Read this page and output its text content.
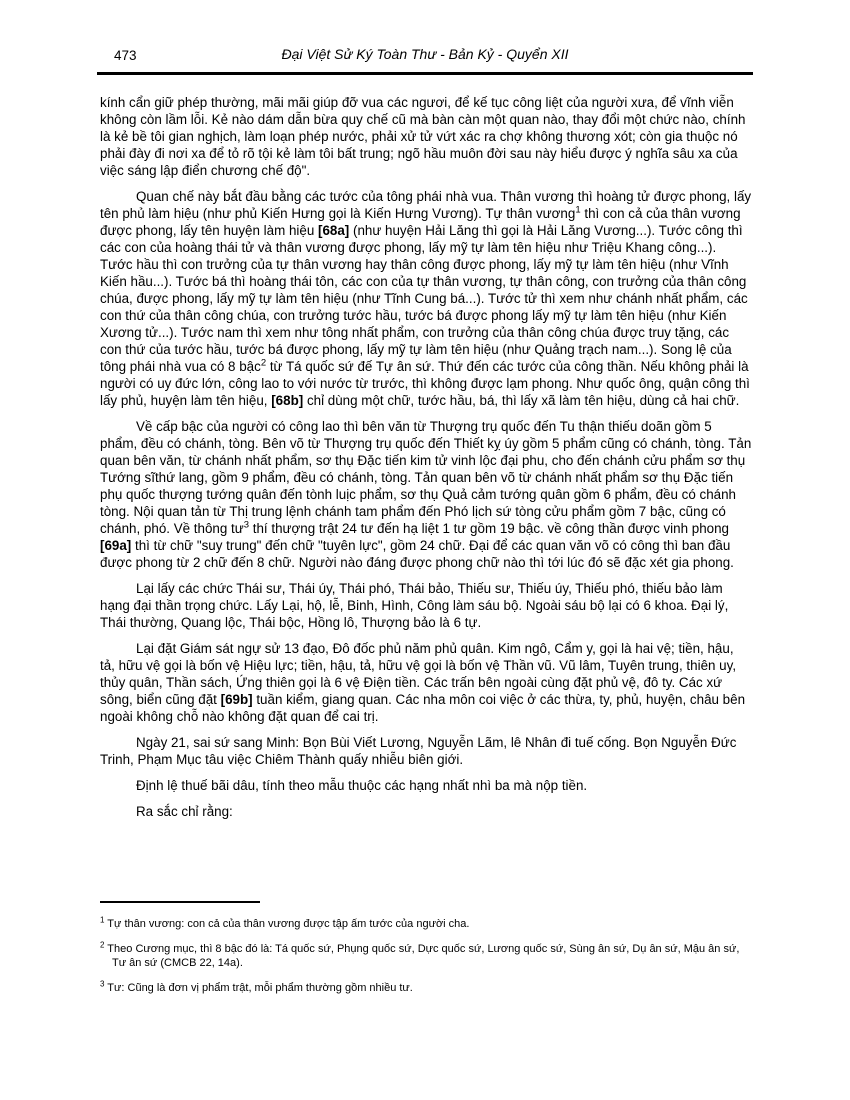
473	Đại Việt Sử Ký Toàn Thư - Bản Kỷ - Quyển XII

kính cẩn giữ phép thường, mãi mãi giúp đỡ vua các ngươi, để kế tục công liệt của người xưa, để vĩnh viễn không còn lầm lỗi. Kẻ nào dám dẫn bừa quy chế cũ mà bàn càn một quan nào, thay đổi một chức nào, chính là kẻ bề tôi gian nghịch, làm loạn phép nước, phải xử tử vứt xác ra chợ không thương xót; còn gia thuộc nó phải đày đi nơi xa để tỏ rõ tội kẻ làm tôi bất trung; ngõ hầu muôn đời sau này hiểu được ý nghĩa sâu xa của việc sáng lập điển chương chế độ".

Quan chế này bắt đầu bằng các tước của tông phái nhà vua. Thân vương thì hoàng tử được phong, lấy tên phủ làm hiệu (như phủ Kiến Hưng gọi là Kiến Hưng Vương). Tự thân vương$^1$ thì con cả của thân vương được phong, lấy tên huyện làm hiệu [68a] (như huyện Hải Lăng thì gọi là Hải Lăng Vương...). Tước công thì các con của hoàng thái tử và thân vương được phong, lấy mỹ tự làm tên hiệu như Triệu Khang công...). Tước hầu thì con trưởng của tự thân vương hay thân công được phong, lấy mỹ tự làm tên hiệu (như Vĩnh Kiến hầu...). Tước bá thì hoàng thái tôn, các con của tự thân vương, tự thân công, con trưởng của thân công chúa, được phong, lấy mỹ tự làm tên hiệu (như Tĩnh Cung bá...). Tước tử thì xem như chánh nhất phẩm, các con thứ của thân công chúa, con trưởng tước hầu, tước bá được phong lấy mỹ tự làm tên hiệu (như Kiến Xương tử...). Tước nam thì xem như tông nhất phẩm, con trưởng của thân công chúa được truy tặng, các con thứ của tước hầu, tước bá được phong, lấy mỹ tự làm tên hiệu (như Quảng trạch nam...). Song lệ của tông phái nhà vua có 8 bậc$^2$ từ Tá quốc sứ đế Tự ân sứ. Thứ đến các tước của công thần. Nếu không phải là người có uy đức lớn, công lao to với nước từ trước, thì không được lạm phong. Như quốc ông, quận công thì lấy phủ, huyện làm tên hiệu, [68b] chỉ dùng một chữ, tước hầu, bá, thì lấy xã làm tên hiệu, dùng cả hai chữ.

Về cấp bậc của người có công lao thì bên văn từ Thượng trụ quốc đến Tu thận thiếu doãn gồm 5 phẩm, đều có chánh, tòng. Bên võ từ Thượng trụ quốc đến Thiết kỵ úy gồm 5 phẩm cũng có chánh, tòng. Tản quan bên văn, từ chánh nhất phẩm, sơ thụ Đặc tiến kim tử vinh lộc đại phu, cho đến chánh cửu phẩm sơ thụ Tướng sĩthứ lang, gồm 9 phẩm, đều có chánh, tòng. Tản quan bên võ từ chánh nhất phẩm sơ thụ Đặc tiến phụ quốc thượng tướng quân đến tònh luịc phẩm, sơ thụ Quả cảm tướng quân gồm 6 phẩm, đều có chánh tòng. Nội quan tản từ Thị trung lệnh chánh tam phẩm đến Phó lịch sứ tòng cửu phẩm gồm 7 bậc, cũng có chánh, phó. Về thông $tư^3$ thí thượng trật 24 tư đến hạ liệt 1 tư gồm 19 bậc. về công thần được vinh phong [69a] thì từ chữ "suy trung" đến chữ "tuyên lực", gồm 24 chữ. Đại để các quan văn võ có công thì ban đầu được phong từ 2 chữ đến 8 chữ. Người nào đáng được phong chữ nào thì tới lúc đó sẽ đặc xét gia phong.

Lại lấy các chức Thái sư, Thái úy, Thái phó, Thái bảo, Thiếu sư, Thiếu úy, Thiếu phó, thiếu bảo làm hạng đại thần trọng chức. Lấy Lại, hộ, lễ, Binh, Hình, Công làm sáu bộ. Ngoài sáu bộ lại có 6 khoa. Đại lý, Thái thường, Quang lộc, Thái bộc, Hồng lô, Thượng bảo là 6 tự.

Lại đặt Giám sát ngự sử 13 đạo, Đô đốc phủ năm phủ quân. Kim ngô, Cẩm y, gọi là hai vệ; tiền, hậu, tả, hữu vệ gọi là bốn vệ Hiệu lực; tiền, hậu, tả, hữu vệ gọi là bốn vệ Thần vũ. Vũ lâm, Tuyên trung, thiên uy, thủy quân, Thần sách, Ứng thiên gọi là 6 vệ Điện tiền. Các trấn bên ngoài cùng đặt phủ vệ, đô ty. Các xứ sông, biển cũng đặt [69b] tuần kiểm, giang quan. Các nha môn coi việc ở các thừa, ty, phủ, huyện, châu bên ngoài không chỗ nào không đặt quan để cai trị.

Ngày 21, sai sứ sang Minh: Bọn Bùi Viết Lương, Nguyễn Lãm, lê Nhân đi tuế cống. Bọn Nguyễn Đức Trinh, Phạm Mục tâu việc Chiêm Thành quấy nhiễu biên giới.

Định lệ thuế bãi dâu, tính theo mẫu thuộc các hạng nhất nhì ba mà nộp tiền.

Ra sắc chỉ rằng:

$^1$ Tự thân vương: con cả của thân vương được tập ấm tước của người cha.
$^2$ Theo Cương mục, thì 8 bậc đó là: Tá quốc sứ, Phụng quốc sứ, Dực quốc sứ, Lương quốc sứ, Sùng ân sứ, Dụ ân sứ, Mậu ân sứ, Tư ân sứ (CMCB 22, 14a).
$^3$ Tư: Cũng là đơn vị phẩm trật, mỗi phẩm thường gồm nhiều tư.
